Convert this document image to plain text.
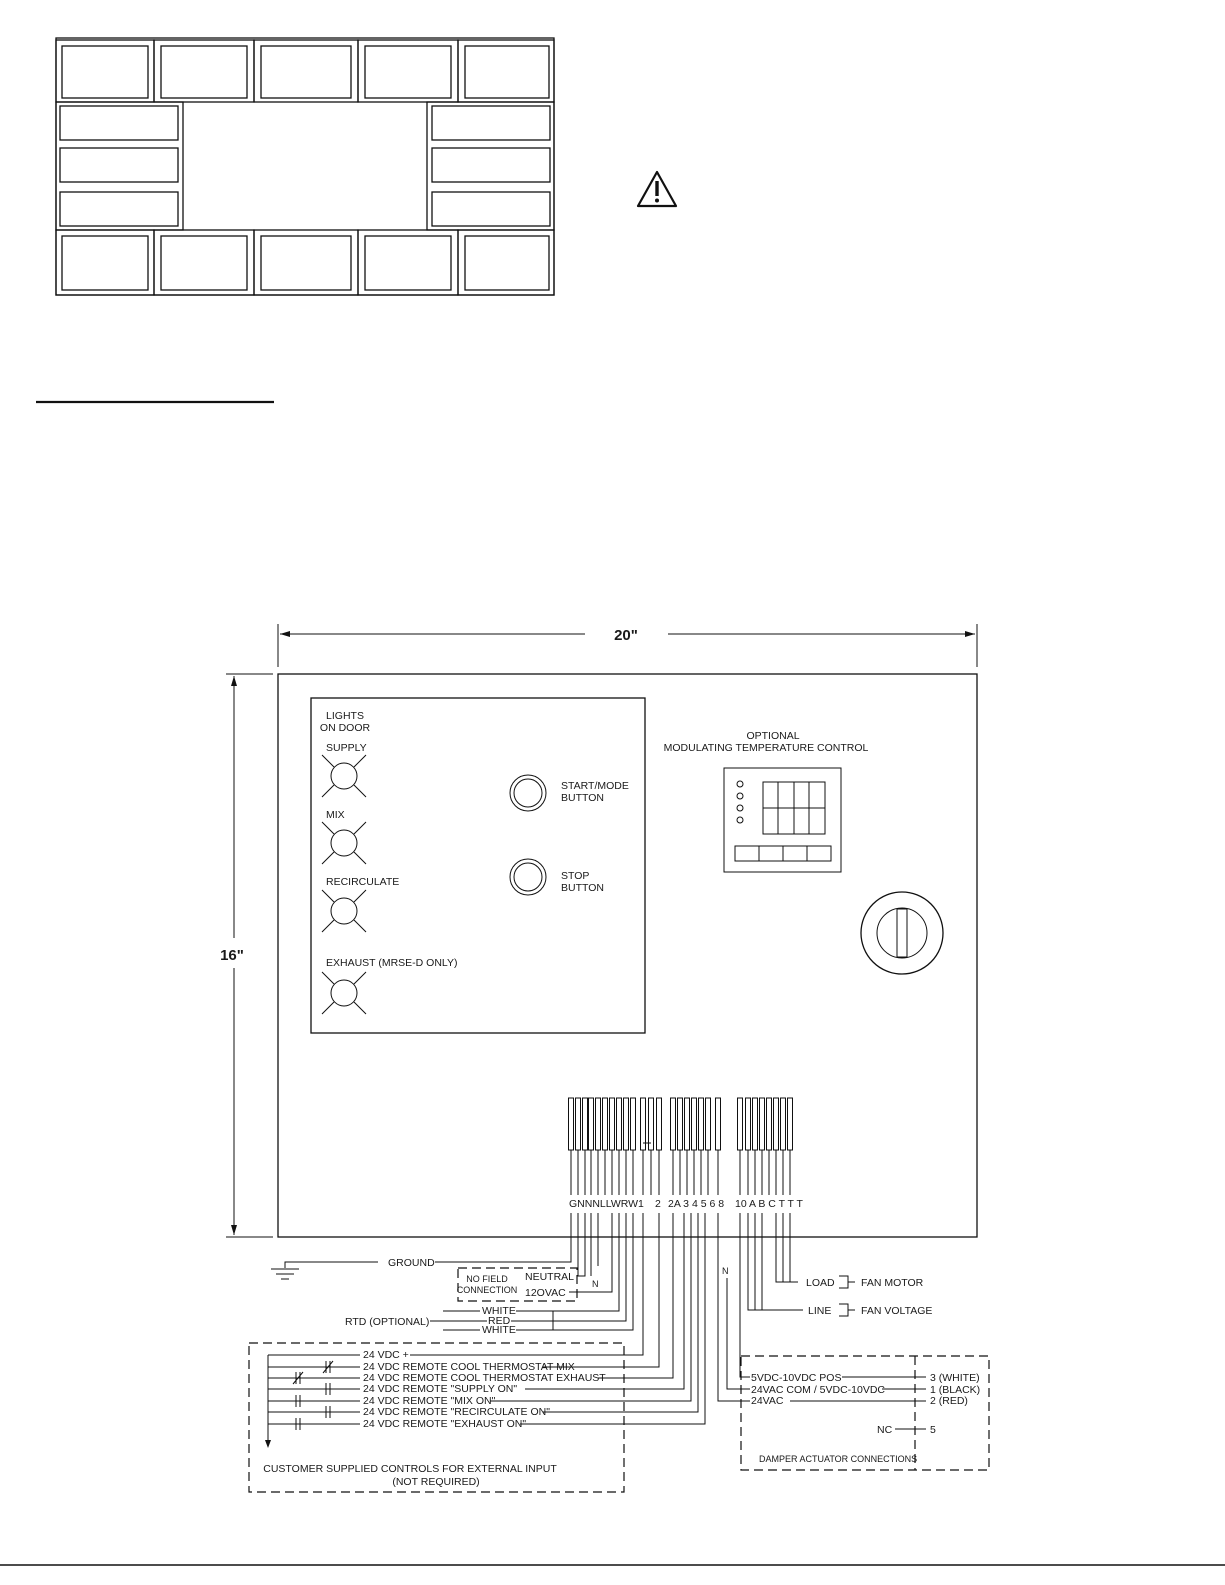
20"
16"
LIGHTS
ON DOOR
SUPPLY
MIX
RECIRCULATE
EXHAUST (MRSE-D ONLY)
START/MODE
BUTTON
STOP
BUTTON
OPTIONAL
MODULATING TEMPERATURE CONTROL
GNNNLLWRW1 2 2A 3 4 5 6 8 10 A B C T T T
GROUND
NO FIELD
CONNECTION
NEUTRAL
12OVAC
N
RTD (OPTIONAL)
WHITE
RED
WHITE
LOAD	FAN MOTOR
LINE	FAN VOLTAGE
24 VDC +
24 VDC REMOTE COOL THERMOSTAT MIX
24 VDC REMOTE COOL THERMOSTAT EXHAUST
24 VDC REMOTE "SUPPLY ON"
24 VDC REMOTE "MIX ON"
24 VDC REMOTE "RECIRCULATE ON"
24 VDC REMOTE "EXHAUST ON"
CUSTOMER SUPPLIED CONTROLS FOR EXTERNAL INPUT
(NOT REQUIRED)
5VDC-10VDC POS
24VAC COM / 5VDC-10VDC
24VAC
NC
3 (WHITE)
1 (BLACK)
2 (RED)
5
DAMPER ACTUATOR CONNECTIONS
N
